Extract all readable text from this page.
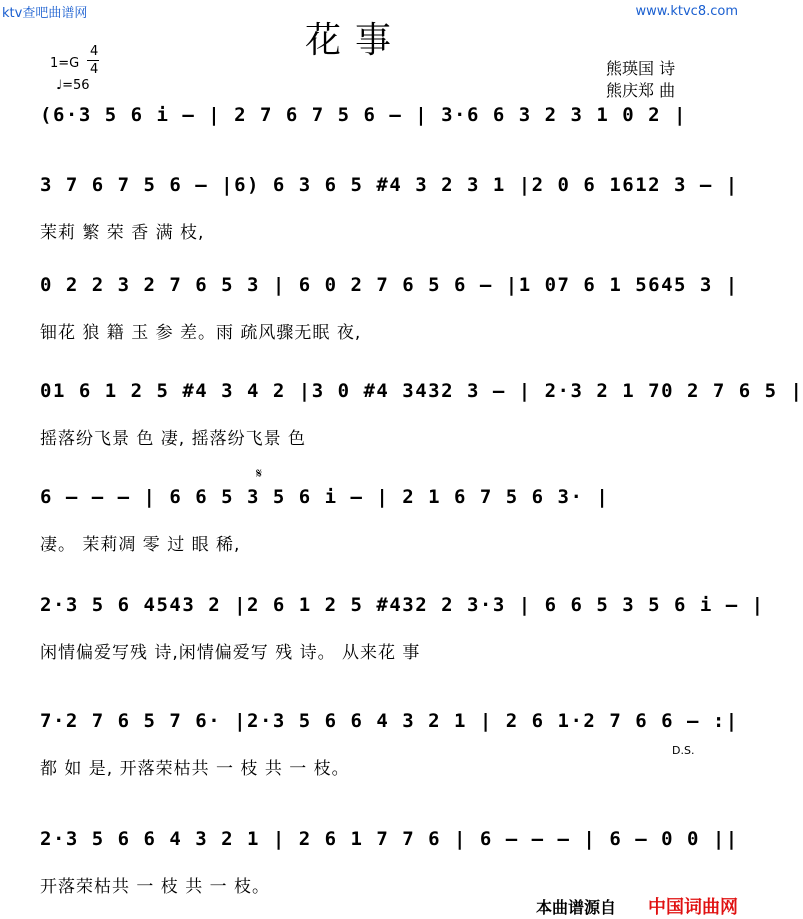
ktv查吧曲谱网	www.ktvc8.com
花事
1=G
4
4
♩=56
熊瑛国 诗
熊庆郑 曲
(6·3 5 6 i – | 2 7 6 7 5 6 – | 3·6 6 3 2 3 1 0 2 |
3 7 6 7 5 6 – |6) 6 3 6 5 #4 3 2 3 1 |2 0 6 1612 3 – |
茉莉 繁 荣 香 满 枝,
0 2 2 3 2 7 6 5 3 | 6 0 2 7 6 5 6 – |1 07 6 1 5645 3 |
钿花 狼 籍 玉 参 差。雨 疏风骤无眠 夜,
01 6 1 2 5 #4 3 4 2 |3 0 #4 3432 3 – | 2·3 2 1 70 2 7 6 5 |
摇落纷飞景 色 凄, 摇落纷飞景 色
𝄋
6 – – – | 6 6 5 3 5 6 i – | 2 1 6 7 5 6 3· |
凄。 茉莉凋 零 过 眼 稀,
2·3 5 6 4543 2 |2 6 1 2 5 #432 2 3·3 | 6 6 5 3 5 6 i – |
闲情偏爱写残 诗,闲情偏爱写 残 诗。 从来花 事
7·2 7 6 5 7 6· |2·3 5 6 6 4 3 2 1 | 2 6 1·2 7 6 6 – :|
都 如 是, 开落荣枯共 一 枝 共 一 枝。
D.S.
2·3 5 6 6 4 3 2 1 | 2 6 1 7 7 6 | 6 – – – | 6 – 0 0 ||
开落荣枯共 一 枝 共 一 枝。
本曲谱源自 中国词曲网
